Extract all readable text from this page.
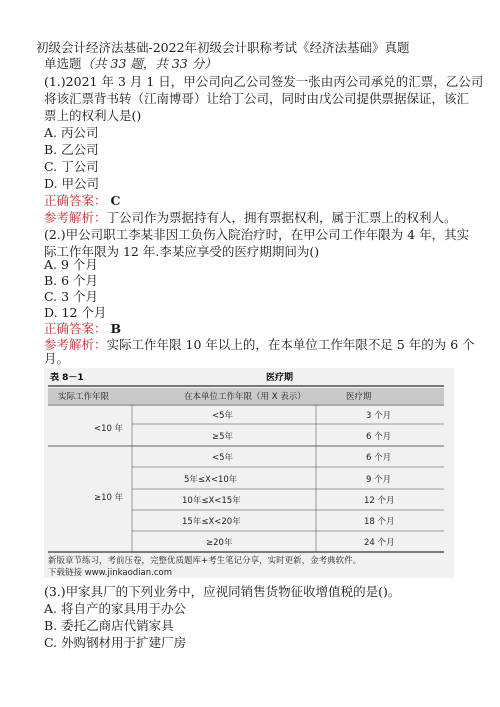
初级会计经济法基础-2022年初级会计职称考试《经济法基础》真题
单选题（共 33 题，共 33 分）
(1.)2021 年 3 月 1 日，甲公司向乙公司签发一张由丙公司承兑的汇票，乙公司
将该汇票背书转（江南博哥）让给丁公司，同时由戊公司提供票据保证，该汇
票上的权利人是()
A. 丙公司
B. 乙公司
C. 丁公司
D. 甲公司
正确答案： C
参考解析：丁公司作为票据持有人，拥有票据权利，属于汇票上的权利人。
(2.)甲公司职工李某非因工负伤入院治疗时，在甲公司工作年限为 4 年，其实
际工作年限为 12 年.李某应享受的医疗期期间为()
A. 9 个月
B. 6 个月
C. 3 个月
D. 12 个月
正确答案： B
参考解析：实际工作年限 10 年以上的，在本单位工作年限不足 5 年的为 6 个
表 8－1	医疗期
实际工作年限	在本单位工作年限（用 X 表示）	医疗期
<10 年
<5年	3 个月
≥5年	6 个月
≥10 年
<5年	6 个月
5年≤X<10年	9 个月
10年≤X<15年	12 个月
15年≤X<20年	18 个月
≥20年	24 个月
新版章节练习，考前压卷，完整优质题库+考生笔记分享，实时更新，金考典软件。
下载链接 www.jinkaodian.com
(3.)甲家具厂的下列业务中，应视同销售货物征收增值税的是()。
A. 将自产的家具用于办公
B. 委托乙商店代销家具
C. 外购钢材用于扩建厂房
月。
